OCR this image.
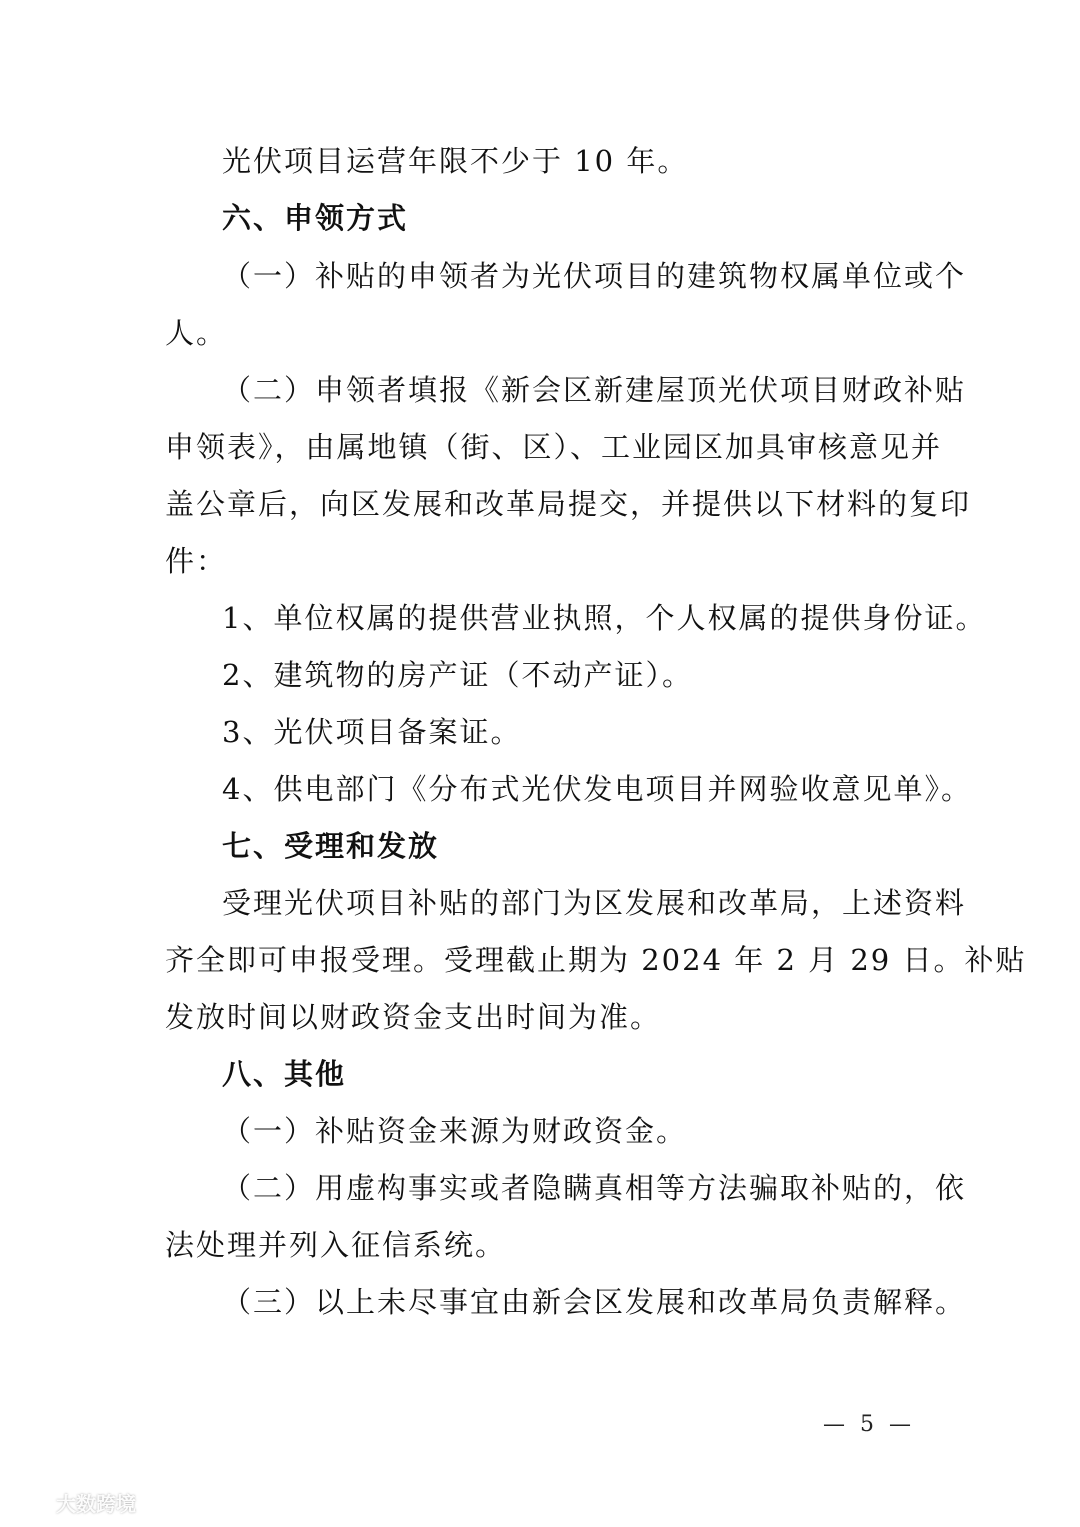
光伏项目运营年限不少于 10 年。
六、申领方式
（一）补贴的申领者为光伏项目的建筑物权属单位或个
人。
（二）申领者填报《新会区新建屋顶光伏项目财政补贴
申领表》，由属地镇（街、区）、工业园区加具审核意见并
盖公章后，向区发展和改革局提交，并提供以下材料的复印
件：
1、单位权属的提供营业执照，个人权属的提供身份证。
2、建筑物的房产证（不动产证）。
3、光伏项目备案证。
4、供电部门《分布式光伏发电项目并网验收意见单》。
七、受理和发放
受理光伏项目补贴的部门为区发展和改革局，上述资料
齐全即可申报受理。受理截止期为 2024 年 2 月 29 日。补贴
发放时间以财政资金支出时间为准。
八、其他
（一）补贴资金来源为财政资金。
（二）用虚构事实或者隐瞒真相等方法骗取补贴的，依
法处理并列入征信系统。
（三）以上未尽事宜由新会区发展和改革局负责解释。
— 5 —
大数跨境
